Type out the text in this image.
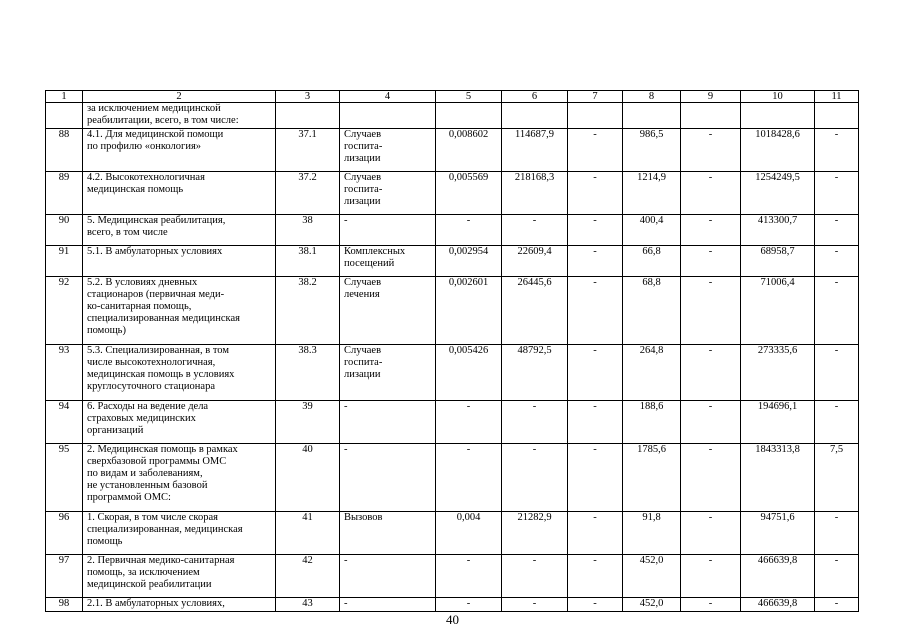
1	2	3	4	5	6	7	8	9	10	11
	за исключением медицинской
реабилитации, всего, в том числе:									
88	4.1. Для медицинской помощи
по профилю «онкология»	37.1	Случаев
госпита-
лизации	0,008602	114687,9	-	986,5	-	1018428,6	-
89	4.2. Высокотехнологичная
медицинская помощь	37.2	Случаев
госпита-
лизации	0,005569	218168,3	-	1214,9	-	1254249,5	-
90	5. Медицинская реабилитация,
всего, в том числе	38	-	-	-	-	400,4	-	413300,7	-
91	5.1. В амбулаторных условиях	38.1	Комплексных
посещений	0,002954	22609,4	-	66,8	-	68958,7	-
92	5.2. В условиях дневных
стационаров (первичная меди-
ко-санитарная помощь,
специализированная медицинская
помощь)	38.2	Случаев
лечения	0,002601	26445,6	-	68,8	-	71006,4	-
93	5.3. Специализированная, в том
числе высокотехнологичная,
медицинская помощь в условиях
круглосуточного стационара	38.3	Случаев
госпита-
лизации	0,005426	48792,5	-	264,8	-	273335,6	-
94	6. Расходы на ведение дела
страховых медицинских
организаций	39	-	-	-	-	188,6	-	194696,1	-
95	2. Медицинская помощь в рамках
сверхбазовой программы ОМС
по видам и заболеваниям,
не установленным базовой
программой ОМС:	40	-	-	-	-	1785,6	-	1843313,8	7,5
96	1. Скорая, в том числе скорая
специализированная, медицинская
помощь	41	Вызовов	0,004	21282,9	-	91,8	-	94751,6	-
97	2. Первичная медико-санитарная
помощь, за исключением
медицинской реабилитации	42	-	-	-	-	452,0	-	466639,8	-
98	2.1. В амбулаторных условиях,	43	-	-	-	-	452,0	-	466639,8	-
40
